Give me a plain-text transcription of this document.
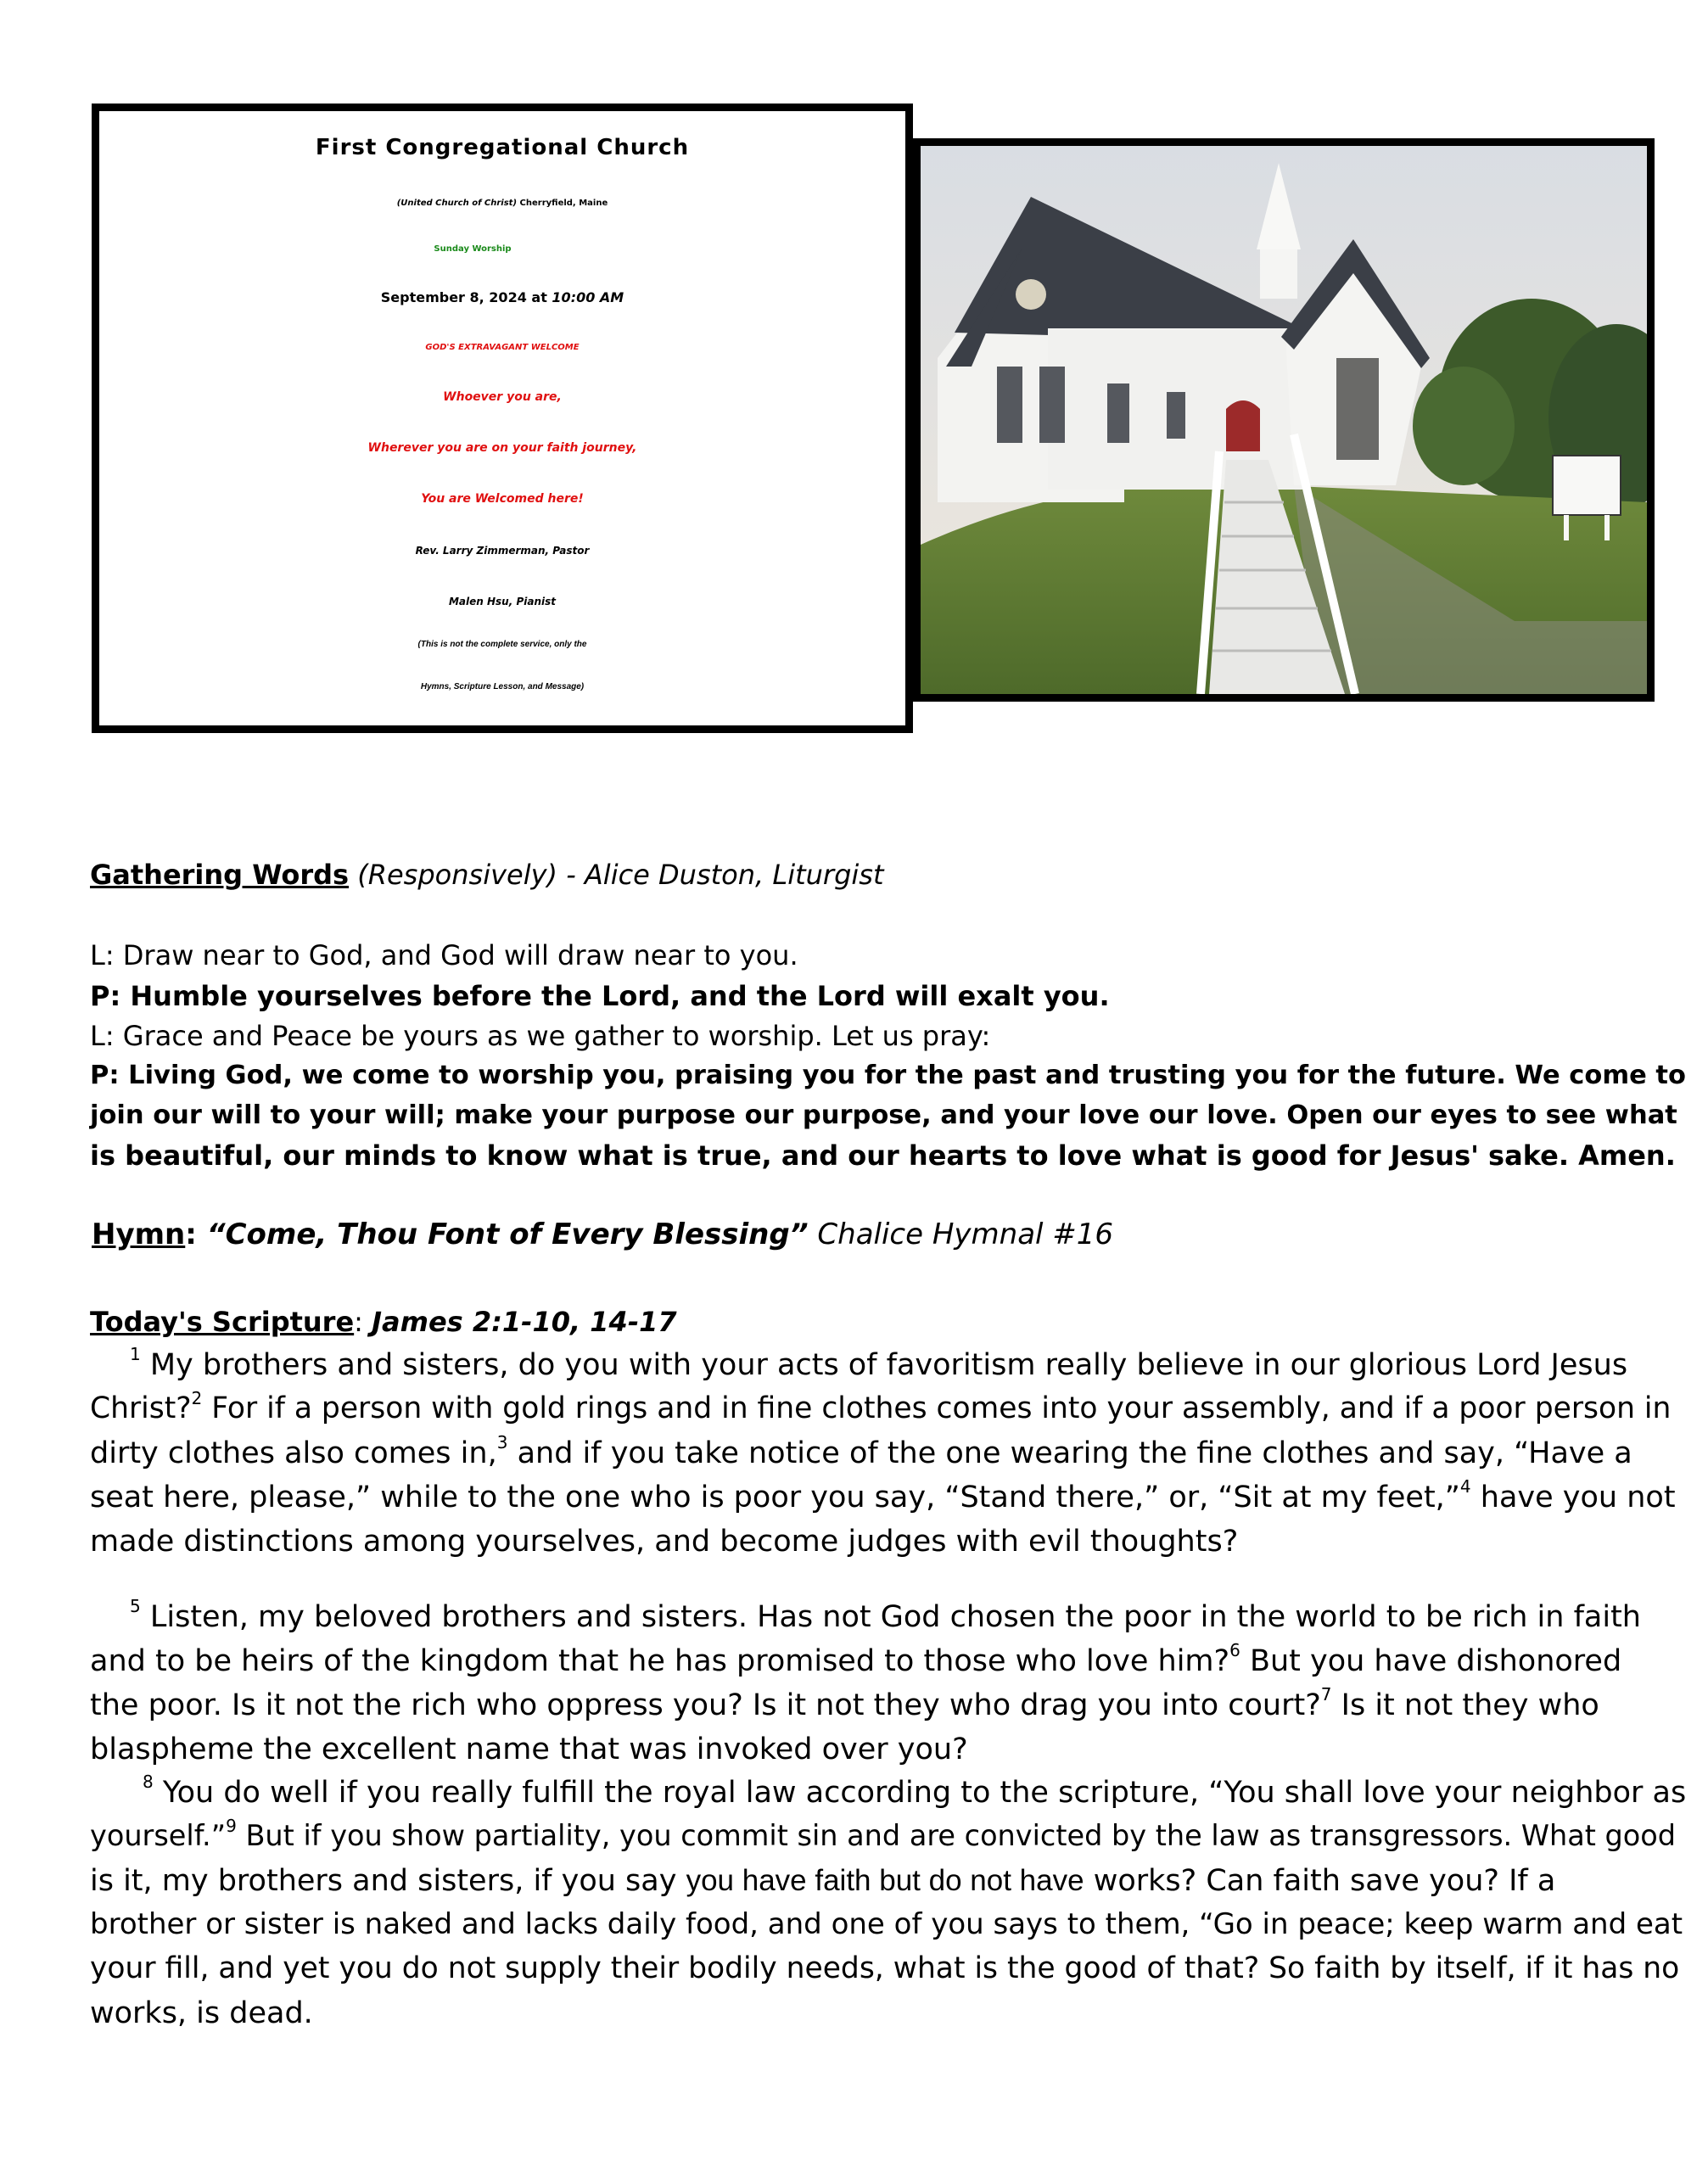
First Congregational Church
(United Church of Christ) Cherryfield, Maine
Sunday Worship
September 8, 2024 at 10:00 AM
GOD'S EXTRAVAGANT WELCOME
Whoever you are,
Wherever you are on your faith journey,
You are Welcomed here!
Rev. Larry Zimmerman, Pastor
Malen Hsu, Pianist
(This is not the complete service, only the
Hymns, Scripture Lesson, and Message)
Gathering Words (Responsively) - Alice Duston, Liturgist
L: Draw near to God, and God will draw near to you.
P: Humble yourselves before the Lord, and the Lord will exalt you.
L: Grace and Peace be yours as we gather to worship. Let us pray:
P: Living God, we come to worship you, praising you for the past and trusting you for the future. We come to
join our will to your will; make your purpose our purpose, and your love our love. Open our eyes to see what
is beautiful, our minds to know what is true, and our hearts to love what is good for Jesus' sake. Amen.
Hymn: “Come, Thou Font of Every Blessing” Chalice Hymnal #16
Today's Scripture: James 2:1-10, 14-17
$^1$ My brothers and sisters, do you with your acts of favoritism really believe in our glorious Lord Jesus
Christ?$^2$ For if a person with gold rings and in fine clothes comes into your assembly, and if a poor person in
dirty clothes also comes in,$^3$ and if you take notice of the one wearing the fine clothes and say, “Have a
seat here, please,” while to the one who is poor you say, “Stand there,” or, “Sit at my feet,”$^4$ have you not
made distinctions among yourselves, and become judges with evil thoughts?
$^5$ Listen, my beloved brothers and sisters. Has not God chosen the poor in the world to be rich in faith
and to be heirs of the kingdom that he has promised to those who love him?$^6$ But you have dishonored
the poor. Is it not the rich who oppress you? Is it not they who drag you into court?$^7$ Is it not they who
blaspheme the excellent name that was invoked over you?
$^8$ You do well if you really fulfill the royal law according to the scripture, “You shall love your neighbor as
yourself.”$^9$ But if you show partiality, you commit sin and are convicted by the law as transgressors. What good
is it, my brothers and sisters, if you say you have faith but do not have works? Can faith save you? If a
brother or sister is naked and lacks daily food, and one of you says to them, “Go in peace; keep warm and eat
your fill, and yet you do not supply their bodily needs, what is the good of that? So faith by itself, if it has no
works, is dead.
